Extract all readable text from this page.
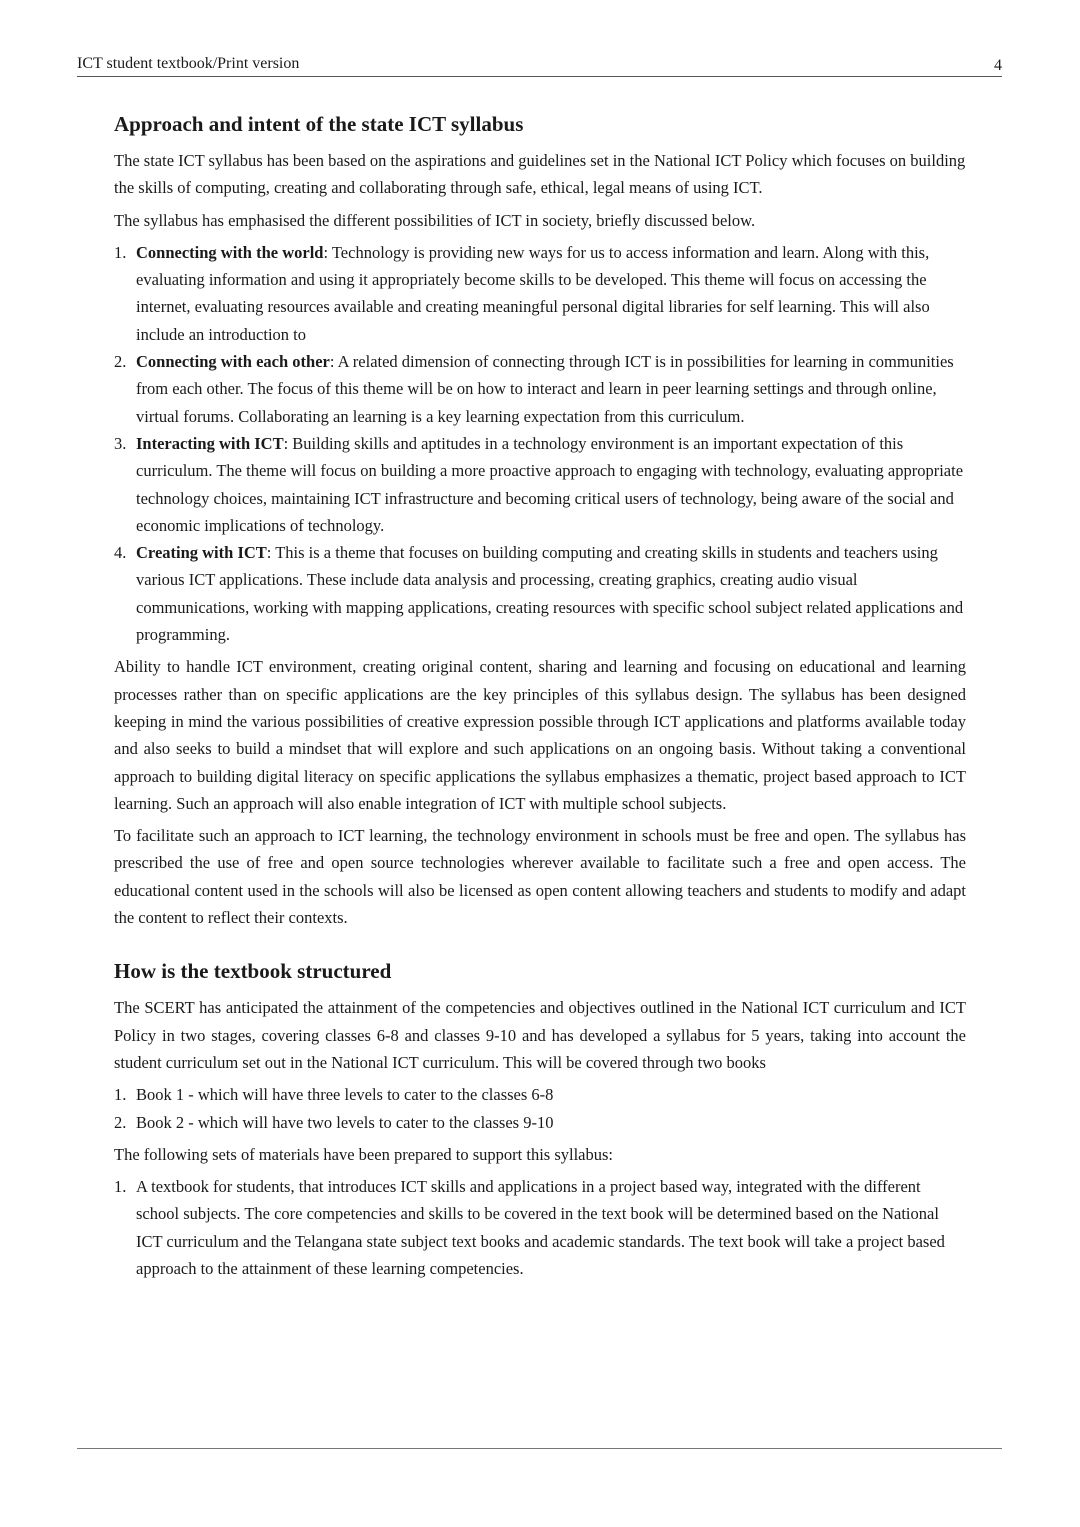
ICT student textbook/Print version	4
Approach and intent of the state ICT syllabus

The state ICT syllabus has been based on the aspirations and guidelines set in the National ICT Policy which focuses on building the skills of computing, creating and collaborating through safe, ethical, legal means of using ICT.

The syllabus has emphasised the different possibilities of ICT in society, briefly discussed below.

1. Connecting with the world: Technology is providing new ways for us to access information and learn. Along with this, evaluating information and using it appropriately become skills to be developed. This theme will focus on accessing the internet, evaluating resources available and creating meaningful personal digital libraries for self learning. This will also include an introduction to
2. Connecting with each other: A related dimension of connecting through ICT is in possibilities for learning in communities from each other. The focus of this theme will be on how to interact and learn in peer learning settings and through online, virtual forums. Collaborating an learning is a key learning expectation from this curriculum.
3. Interacting with ICT: Building skills and aptitudes in a technology environment is an important expectation of this curriculum. The theme will focus on building a more proactive approach to engaging with technology, evaluating appropriate technology choices, maintaining ICT infrastructure and becoming critical users of technology, being aware of the social and economic implications of technology.
4. Creating with ICT: This is a theme that focuses on building computing and creating skills in students and teachers using various ICT applications. These include data analysis and processing, creating graphics, creating audio visual communications, working with mapping applications, creating resources with specific school subject related applications and programming.

Ability to handle ICT environment, creating original content, sharing and learning and focusing on educational and learning processes rather than on specific applications are the key principles of this syllabus design. The syllabus has been designed keeping in mind the various possibilities of creative expression possible through ICT applications and platforms available today and also seeks to build a mindset that will explore and such applications on an ongoing basis. Without taking a conventional approach to building digital literacy on specific applications the syllabus emphasizes a thematic, project based approach to ICT learning. Such an approach will also enable integration of ICT with multiple school subjects.

To facilitate such an approach to ICT learning, the technology environment in schools must be free and open. The syllabus has prescribed the use of free and open source technologies wherever available to facilitate such a free and open access. The educational content used in the schools will also be licensed as open content allowing teachers and students to modify and adapt the content to reflect their contexts.

How is the textbook structured

The SCERT has anticipated the attainment of the competencies and objectives outlined in the National ICT curriculum and ICT Policy in two stages, covering classes 6-8 and classes 9-10 and has developed a syllabus for 5 years, taking into account the student curriculum set out in the National ICT curriculum. This will be covered through two books

1. Book 1 - which will have three levels to cater to the classes 6-8
2. Book 2 - which will have two levels to cater to the classes 9-10

The following sets of materials have been prepared to support this syllabus:

1. A textbook for students, that introduces ICT skills and applications in a project based way, integrated with the different school subjects. The core competencies and skills to be covered in the text book will be determined based on the National ICT curriculum and the Telangana state subject text books and academic standards. The text book will take a project based approach to the attainment of these learning competencies.
